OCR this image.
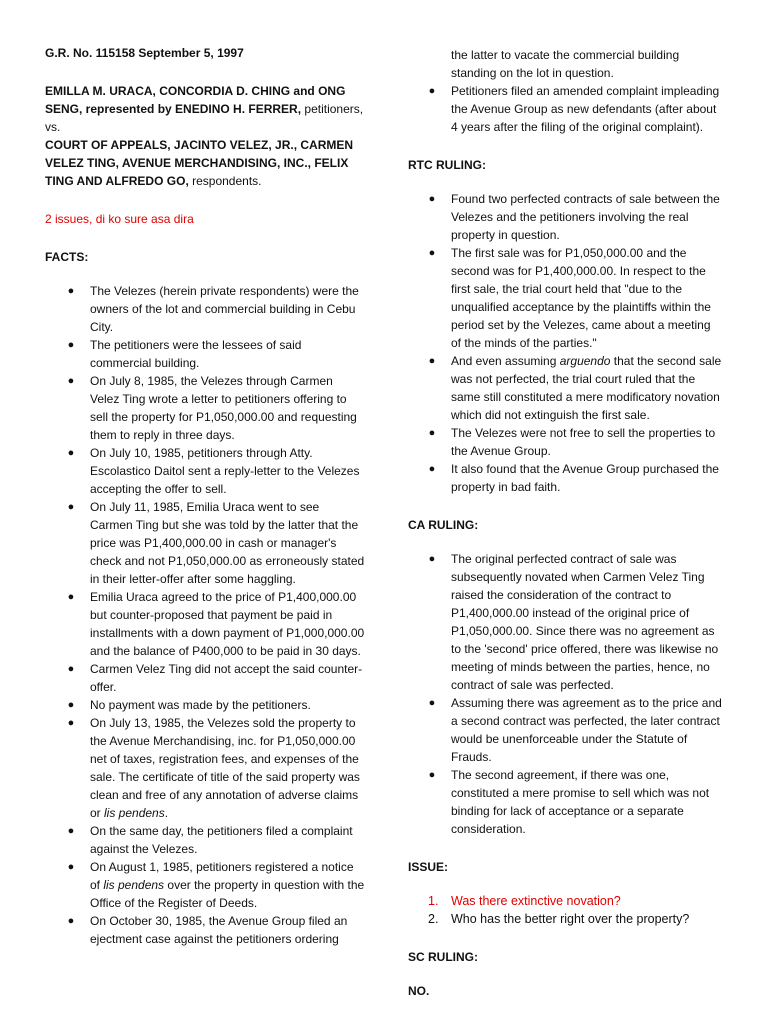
G.R. No. 115158 September 5, 1997

EMILLA M. URACA, CONCORDIA D. CHING and ONG SENG, represented by ENEDINO H. FERRER, petitioners,

vs.

COURT OF APPEALS, JACINTO VELEZ, JR., CARMEN VELEZ TING, AVENUE MERCHANDISING, INC., FELIX TING AND ALFREDO GO, respondents.

2 issues, di ko sure asa dira

FACTS:

● The Velezes (herein private respondents) were the owners of the lot and commercial building in Cebu City.
● The petitioners were the lessees of said commercial building.
● On July 8, 1985, the Velezes through Carmen Velez Ting wrote a letter to petitioners offering to sell the property for P1,050,000.00 and requesting them to reply in three days.
● On July 10, 1985, petitioners through Atty. Escolastico Daitol sent a reply-letter to the Velezes accepting the offer to sell.
● On July 11, 1985, Emilia Uraca went to see Carmen Ting but she was told by the latter that the price was P1,400,000.00 in cash or manager's check and not P1,050,000.00 as erroneously stated in their letter-offer after some haggling.
● Emilia Uraca agreed to the price of P1,400,000.00 but counter-proposed that payment be paid in installments with a down payment of P1,000,000.00 and the balance of P400,000 to be paid in 30 days.
● Carmen Velez Ting did not accept the said counter-offer.
● No payment was made by the petitioners.
● On July 13, 1985, the Velezes sold the property to the Avenue Merchandising, inc. for P1,050,000.00 net of taxes, registration fees, and expenses of the sale. The certificate of title of the said property was clean and free of any annotation of adverse claims or lis pendens.
● On the same day, the petitioners filed a complaint against the Velezes.
● On August 1, 1985, petitioners registered a notice of lis pendens over the property in question with the Office of the Register of Deeds.
● On October 30, 1985, the Avenue Group filed an ejectment case against the petitioners ordering
the latter to vacate the commercial building standing on the lot in question.
● Petitioners filed an amended complaint impleading the Avenue Group as new defendants (after about 4 years after the filing of the original complaint).

RTC RULING:

● Found two perfected contracts of sale between the Velezes and the petitioners involving the real property in question.
● The first sale was for P1,050,000.00 and the second was for P1,400,000.00. In respect to the first sale, the trial court held that "due to the unqualified acceptance by the plaintiffs within the period set by the Velezes, came about a meeting of the minds of the parties."
● And even assuming arguendo that the second sale was not perfected, the trial court ruled that the same still constituted a mere modificatory novation which did not extinguish the first sale.
● The Velezes were not free to sell the properties to the Avenue Group.
● It also found that the Avenue Group purchased the property in bad faith.

CA RULING:

● The original perfected contract of sale was subsequently novated when Carmen Velez Ting raised the consideration of the contract to P1,400,000.00 instead of the original price of P1,050,000.00. Since there was no agreement as to the 'second' price offered, there was likewise no meeting of minds between the parties, hence, no contract of sale was perfected.
● Assuming there was agreement as to the price and a second contract was perfected, the later contract would be unenforceable under the Statute of Frauds.
● The second agreement, if there was one, constituted a mere promise to sell which was not binding for lack of acceptance or a separate consideration.

ISSUE:

1. Was there extinctive novation?
2. Who has the better right over the property?

SC RULING:

NO.
